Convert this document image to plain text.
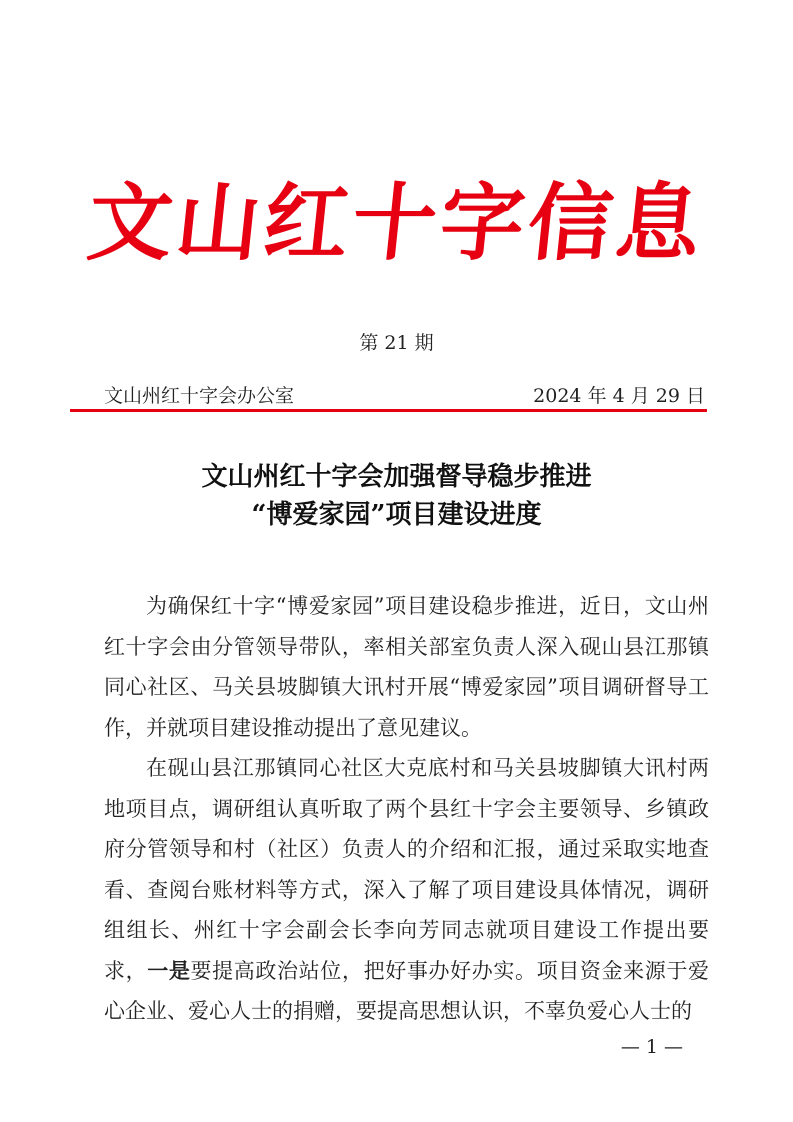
文山红十字信息
第 21 期
文山州红十字会办公室	2024 年 4 月 29 日
文山州红十字会加强督导稳步推进
“博爱家园”项目建设进度

为确保红十字“博爱家园”项目建设稳步推进，近日，文山州红十字会由分管领导带队，率相关部室负责人深入砚山县江那镇同心社区、马关县坡脚镇大讯村开展“博爱家园”项目调研督导工作，并就项目建设推动提出了意见建议。

在砚山县江那镇同心社区大克底村和马关县坡脚镇大讯村两地项目点，调研组认真听取了两个县红十字会主要领导、乡镇政府分管领导和村（社区）负责人的介绍和汇报，通过采取实地查看、查阅台账材料等方式，深入了解了项目建设具体情况，调研组组长、州红十字会副会长李向芳同志就项目建设工作提出要求，一是要提高政治站位，把好事办好办实。项目资金来源于爱心企业、爱心人士的捐赠，要提高思想认识，不辜负爱心人士的

— 1 —
